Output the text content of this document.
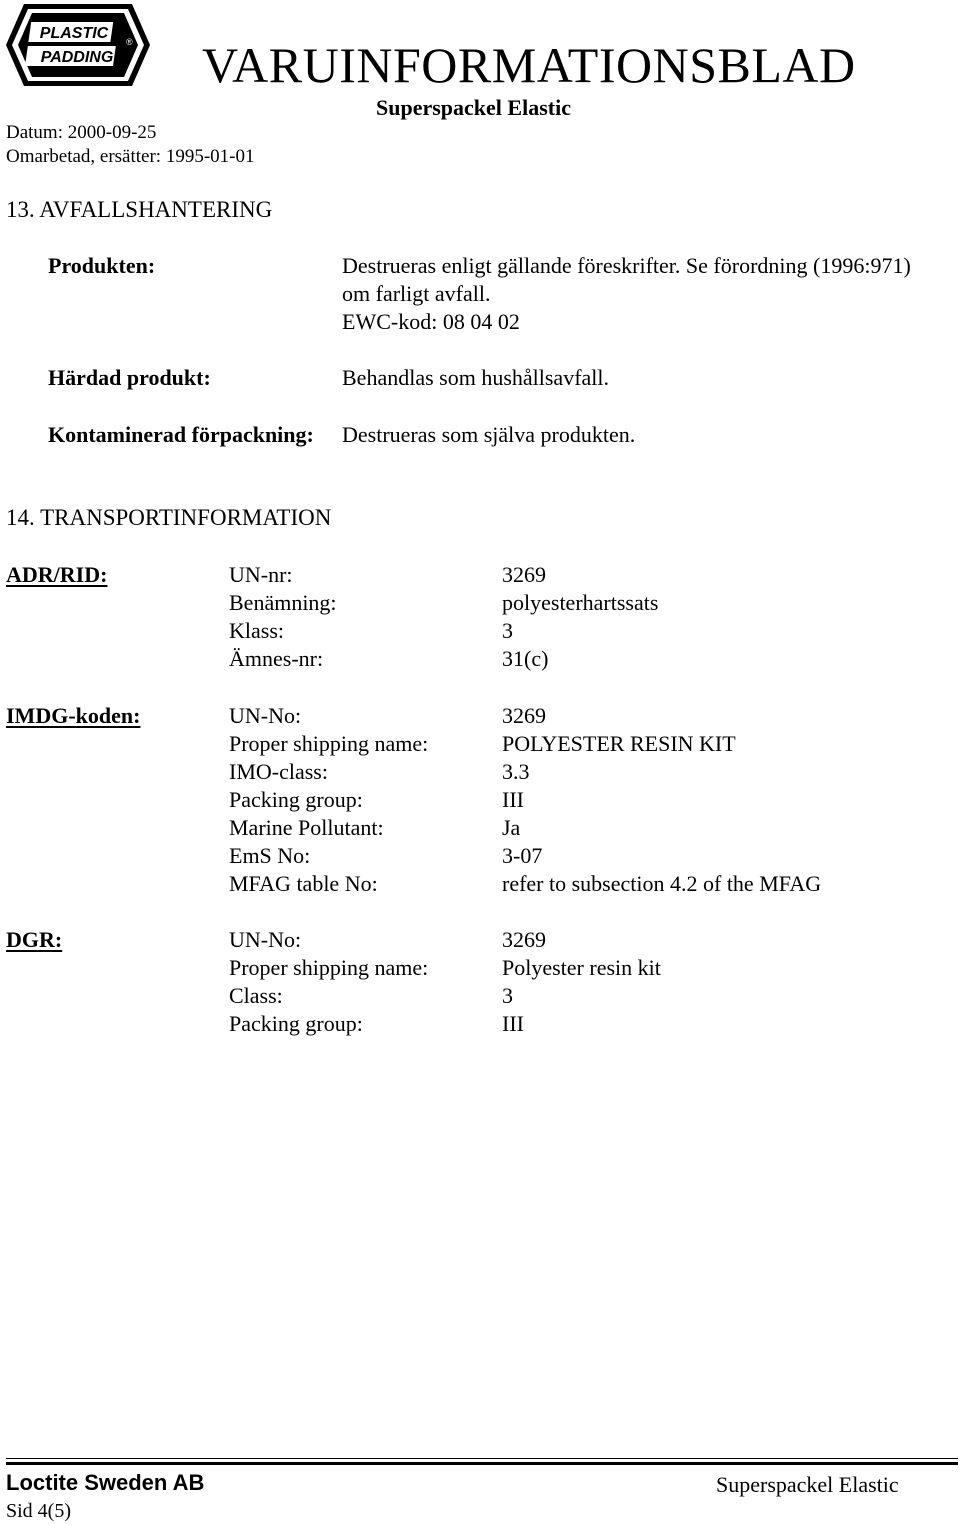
PLASTIC
PADDING
® VARUINFORMATIONSBLAD
Superspackel Elastic
Datum: 2000-09-25
Omarbetad, ersätter: 1995-01-01
13. AVFALLSHANTERING
Produkten:	Destrueras enligt gällande föreskrifter. Se förordning (1996:971)
om farligt avfall.
EWC-kod: 08 04 02
Härdad produkt:	Behandlas som hushållsavfall.
Kontaminerad förpackning: Destrueras som själva produkten.
14. TRANSPORTINFORMATION
ADR/RID:	UN-nr:	3269
Benämning:	polyesterhartssats
Klass:	3
Ämnes-nr:	31(c)
IMDG-koden:	UN-No:	3269
Proper shipping name:	POLYESTER RESIN KIT
IMO-class:	3.3
Packing group:	III
Marine Pollutant:	Ja
EmS No:	3-07
MFAG table No:	refer to subsection 4.2 of the MFAG
DGR:	UN-No:	3269
Proper shipping name:	Polyester resin kit
Class:	3
Packing group:	III
Loctite Sweden AB	Superspackel Elastic
Sid 4(5)
